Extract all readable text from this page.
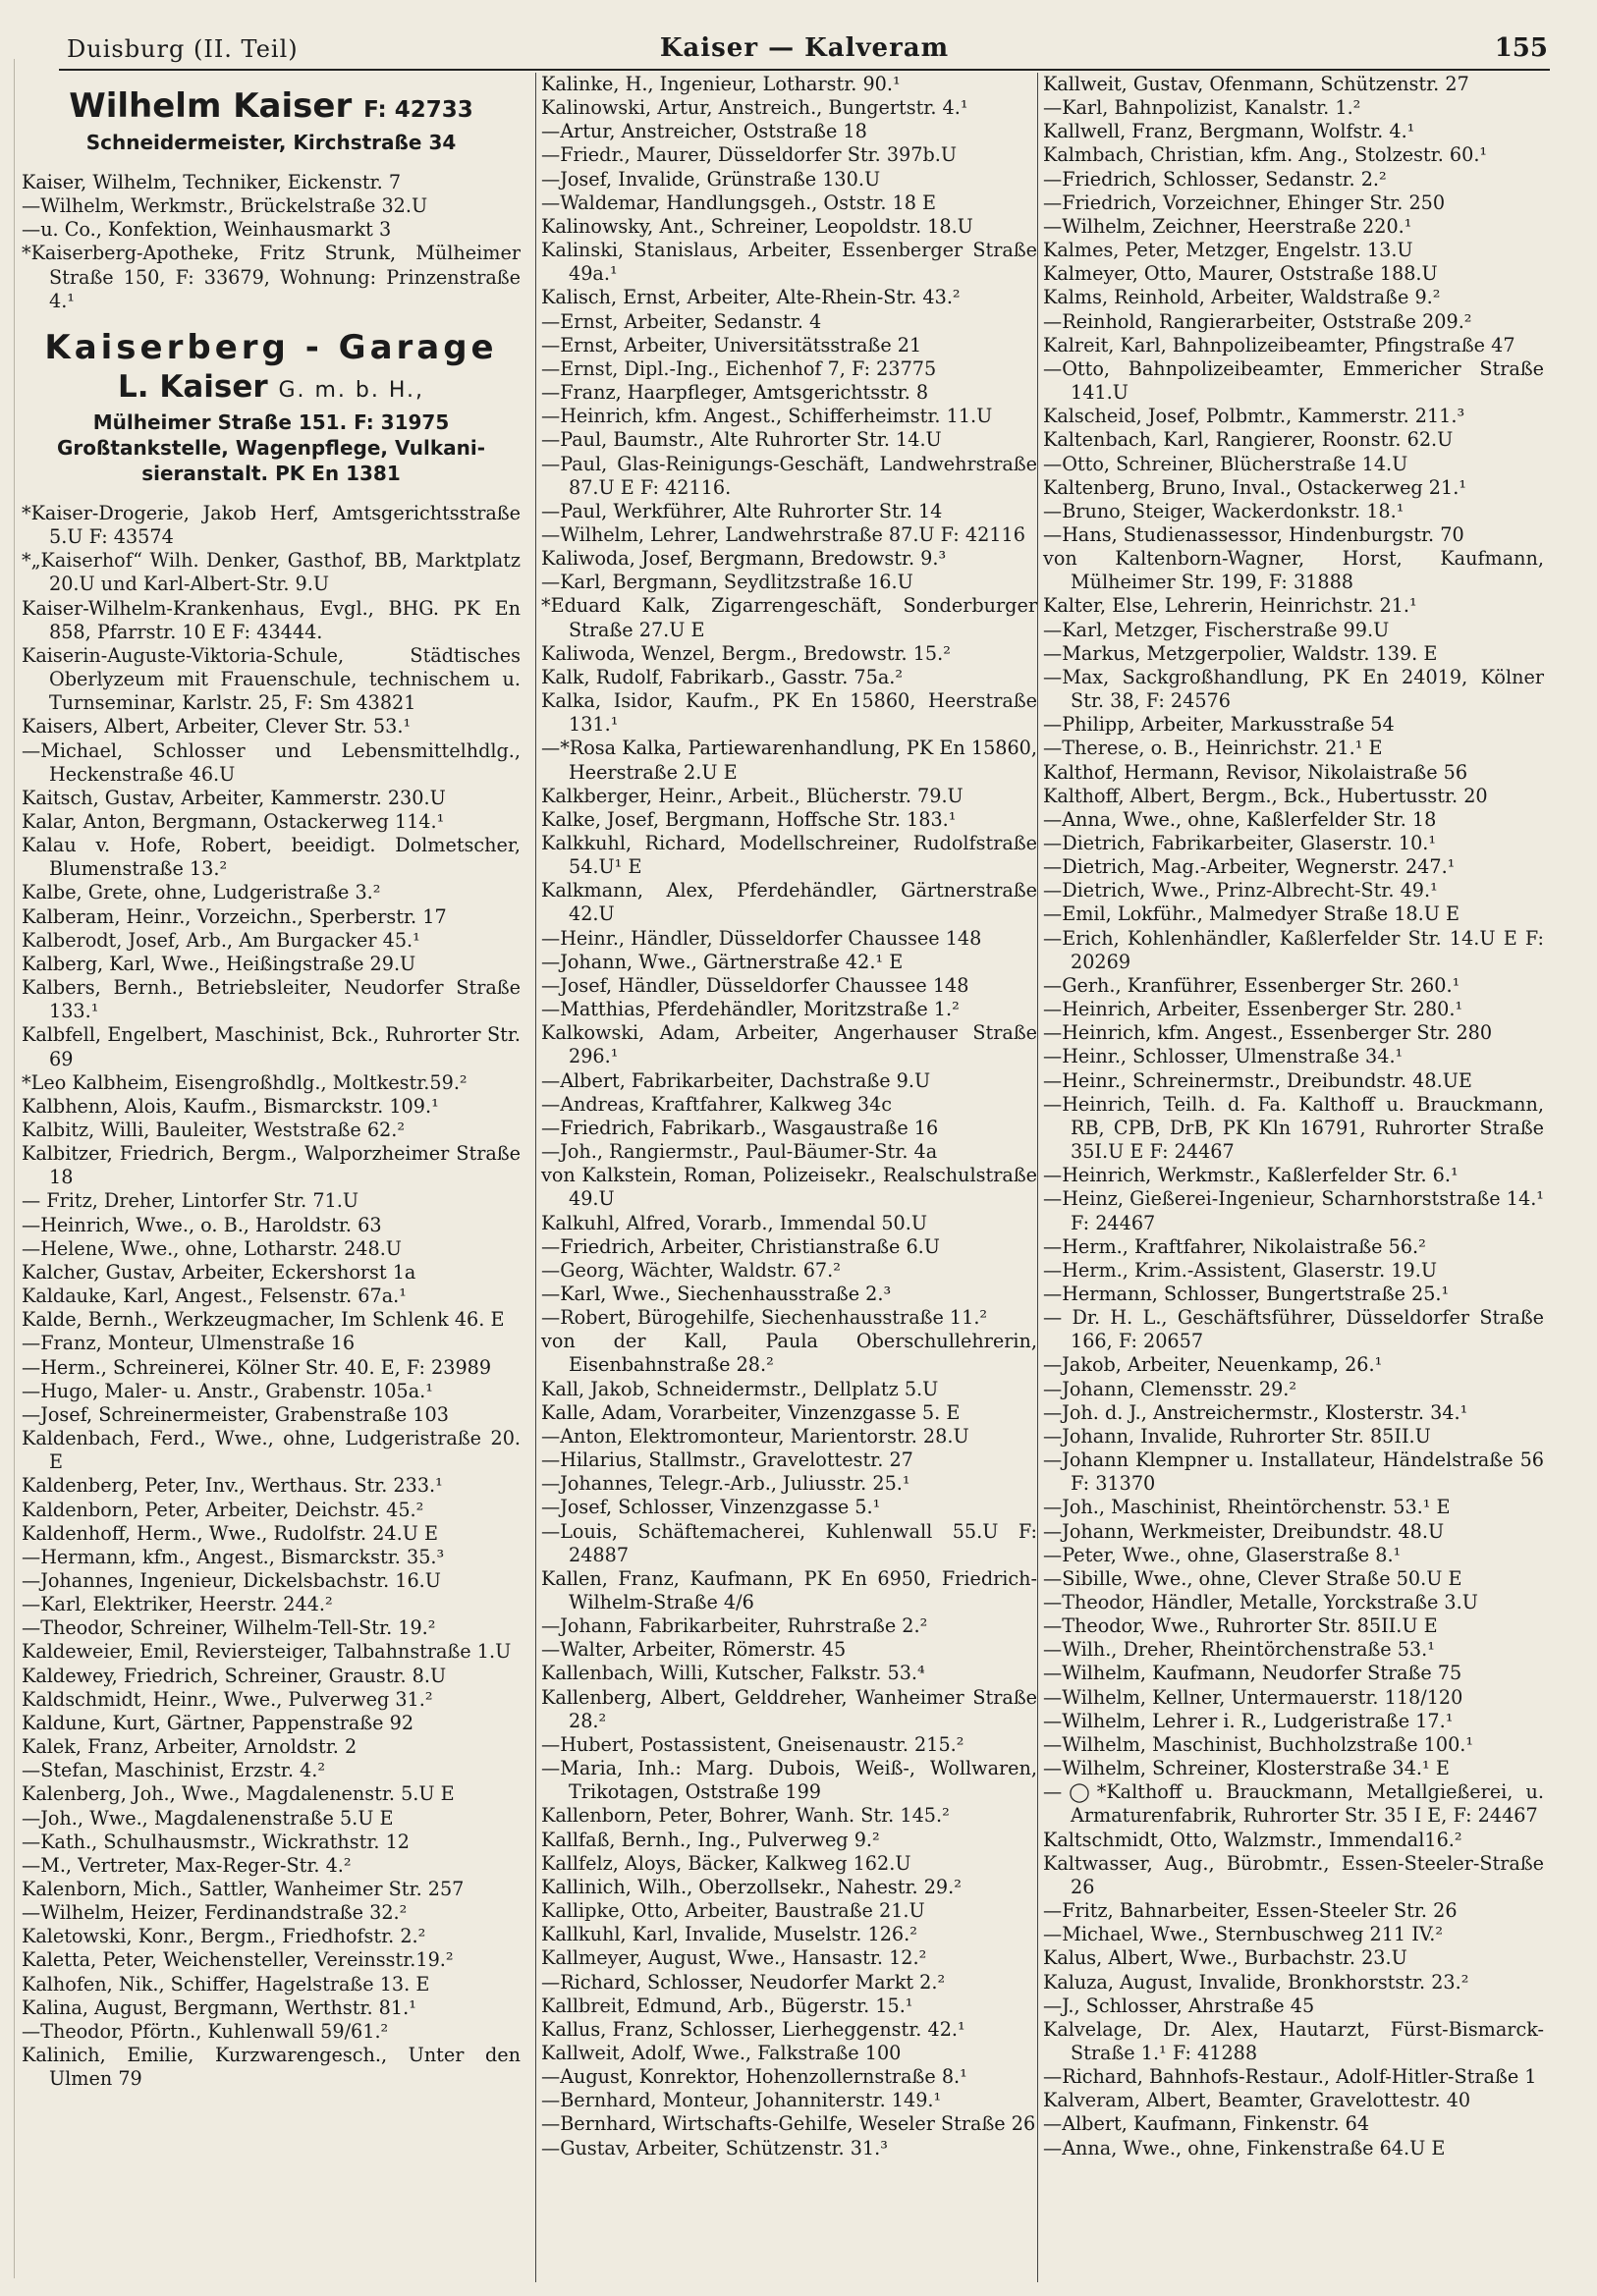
Duisburg (II. Teil)	Kaiser — Kalveram	155
Wilhelm Kaiser F: 42733
Schneidermeister, Kirchstraße 34
Kaiser, Wilhelm, Techniker, Eickenstr. 7
—Wilhelm, Werkmstr., Brückelstraße 32.U
—u. Co., Konfektion, Weinhausmarkt 3
*Kaiserberg-Apotheke, Fritz Strunk, Mülheimer Straße 150, F: 33679, Wohnung: Prinzenstraße 4.¹
Kaiserberg - Garage
L. Kaiser G. m. b. H.,
Mülheimer Straße 151. F: 31975
Großtankstelle, Wagenpflege, Vulkani-
sieranstalt. PK En 1381
*Kaiser-Drogerie, Jakob Herf, Amtsgerichtsstraße 5.U F: 43574
*„Kaiserhof“ Wilh. Denker, Gasthof, BB, Marktplatz 20.U und Karl-Albert-Str. 9.U
Kaiser-Wilhelm-Krankenhaus, Evgl., BHG. PK En 858, Pfarrstr. 10 E F: 43444.
Kaiserin-Auguste-Viktoria-Schule, Städtisches Oberlyzeum mit Frauenschule, technischem u. Turnseminar, Karlstr. 25, F: Sm 43821
Kaisers, Albert, Arbeiter, Clever Str. 53.¹
—Michael, Schlosser und Lebensmittelhdlg., Heckenstraße 46.U
Kaitsch, Gustav, Arbeiter, Kammerstr. 230.U
Kalar, Anton, Bergmann, Ostackerweg 114.¹
Kalau v. Hofe, Robert, beeidigt. Dolmetscher, Blumenstraße 13.²
Kalbe, Grete, ohne, Ludgeristraße 3.²
Kalberam, Heinr., Vorzeichn., Sperberstr. 17
Kalberodt, Josef, Arb., Am Burgacker 45.¹
Kalberg, Karl, Wwe., Heißingstraße 29.U
Kalbers, Bernh., Betriebsleiter, Neudorfer Straße 133.¹
Kalbfell, Engelbert, Maschinist, Bck., Ruhrorter Str. 69
*Leo Kalbheim, Eisengroßhdlg., Moltkestr.59.²
Kalbhenn, Alois, Kaufm., Bismarckstr. 109.¹
Kalbitz, Willi, Bauleiter, Weststraße 62.²
Kalbitzer, Friedrich, Bergm., Walporzheimer Straße 18
— Fritz, Dreher, Lintorfer Str. 71.U
—Heinrich, Wwe., o. B., Haroldstr. 63
—Helene, Wwe., ohne, Lotharstr. 248.U
Kalcher, Gustav, Arbeiter, Eckershorst 1a
Kaldauke, Karl, Angest., Felsenstr. 67a.¹
Kalde, Bernh., Werkzeugmacher, Im Schlenk 46. E
—Franz, Monteur, Ulmenstraße 16
—Herm., Schreinerei, Kölner Str. 40. E, F: 23989
—Hugo, Maler- u. Anstr., Grabenstr. 105a.¹
—Josef, Schreinermeister, Grabenstraße 103
Kaldenbach, Ferd., Wwe., ohne, Ludgeristraße 20. E
Kaldenberg, Peter, Inv., Werthaus. Str. 233.¹
Kaldenborn, Peter, Arbeiter, Deichstr. 45.²
Kaldenhoff, Herm., Wwe., Rudolfstr. 24.U E
—Hermann, kfm., Angest., Bismarckstr. 35.³
—Johannes, Ingenieur, Dickelsbachstr. 16.U
—Karl, Elektriker, Heerstr. 244.²
—Theodor, Schreiner, Wilhelm-Tell-Str. 19.²
Kaldeweier, Emil, Reviersteiger, Talbahnstraße 1.U
Kaldewey, Friedrich, Schreiner, Graustr. 8.U
Kaldschmidt, Heinr., Wwe., Pulverweg 31.²
Kaldune, Kurt, Gärtner, Pappenstraße 92
Kalek, Franz, Arbeiter, Arnoldstr. 2
—Stefan, Maschinist, Erzstr. 4.²
Kalenberg, Joh., Wwe., Magdalenenstr. 5.U E
—Joh., Wwe., Magdalenenstraße 5.U E
—Kath., Schulhausmstr., Wickrathstr. 12
—M., Vertreter, Max-Reger-Str. 4.²
Kalenborn, Mich., Sattler, Wanheimer Str. 257
—Wilhelm, Heizer, Ferdinandstraße 32.²
Kaletowski, Konr., Bergm., Friedhofstr. 2.²
Kaletta, Peter, Weichensteller, Vereinsstr.19.²
Kalhofen, Nik., Schiffer, Hagelstraße 13. E
Kalina, August, Bergmann, Werthstr. 81.¹
—Theodor, Pförtn., Kuhlenwall 59/61.²
Kalinich, Emilie, Kurzwarengesch., Unter den Ulmen 79
Kalinke, H., Ingenieur, Lotharstr. 90.¹
Kalinowski, Artur, Anstreich., Bungertstr. 4.¹
—Artur, Anstreicher, Oststraße 18
—Friedr., Maurer, Düsseldorfer Str. 397b.U
—Josef, Invalide, Grünstraße 130.U
—Waldemar, Handlungsgeh., Oststr. 18 E
Kalinowsky, Ant., Schreiner, Leopoldstr. 18.U
Kalinski, Stanislaus, Arbeiter, Essenberger Straße 49a.¹
Kalisch, Ernst, Arbeiter, Alte-Rhein-Str. 43.²
—Ernst, Arbeiter, Sedanstr. 4
—Ernst, Arbeiter, Universitätsstraße 21
—Ernst, Dipl.-Ing., Eichenhof 7, F: 23775
—Franz, Haarpfleger, Amtsgerichtsstr. 8
—Heinrich, kfm. Angest., Schifferheimstr. 11.U
—Paul, Baumstr., Alte Ruhrorter Str. 14.U
—Paul, Glas-Reinigungs-Geschäft, Landwehrstraße 87.U E F: 42116.
—Paul, Werkführer, Alte Ruhrorter Str. 14
—Wilhelm, Lehrer, Landwehrstraße 87.U F: 42116
Kaliwoda, Josef, Bergmann, Bredowstr. 9.³
—Karl, Bergmann, Seydlitzstraße 16.U
*Eduard Kalk, Zigarrengeschäft, Sonderburger Straße 27.U E
Kaliwoda, Wenzel, Bergm., Bredowstr. 15.²
Kalk, Rudolf, Fabrikarb., Gasstr. 75a.²
Kalka, Isidor, Kaufm., PK En 15860, Heerstraße 131.¹
—*Rosa Kalka, Partiewarenhandlung, PK En 15860, Heerstraße 2.U E
Kalkberger, Heinr., Arbeit., Blücherstr. 79.U
Kalke, Josef, Bergmann, Hoffsche Str. 183.¹
Kalkkuhl, Richard, Modellschreiner, Rudolfstraße 54.U¹ E
Kalkmann, Alex, Pferdehändler, Gärtnerstraße 42.U
—Heinr., Händler, Düsseldorfer Chaussee 148
—Johann, Wwe., Gärtnerstraße 42.¹ E
—Josef, Händler, Düsseldorfer Chaussee 148
—Matthias, Pferdehändler, Moritzstraße 1.²
Kalkowski, Adam, Arbeiter, Angerhauser Straße 296.¹
—Albert, Fabrikarbeiter, Dachstraße 9.U
—Andreas, Kraftfahrer, Kalkweg 34c
—Friedrich, Fabrikarb., Wasgaustraße 16
—Joh., Rangiermstr., Paul-Bäumer-Str. 4a
von Kalkstein, Roman, Polizeisekr., Realschulstraße 49.U
Kalkuhl, Alfred, Vorarb., Immendal 50.U
—Friedrich, Arbeiter, Christianstraße 6.U
—Georg, Wächter, Waldstr. 67.²
—Karl, Wwe., Siechenhausstraße 2.³
—Robert, Bürogehilfe, Siechenhausstraße 11.²
von der Kall, Paula Oberschullehrerin, Eisenbahnstraße 28.²
Kall, Jakob, Schneidermstr., Dellplatz 5.U
Kalle, Adam, Vorarbeiter, Vinzenzgasse 5. E
—Anton, Elektromonteur, Marientorstr. 28.U
—Hilarius, Stallmstr., Gravelottestr. 27
—Johannes, Telegr.-Arb., Juliusstr. 25.¹
—Josef, Schlosser, Vinzenzgasse 5.¹
—Louis, Schäftemacherei, Kuhlenwall 55.U F: 24887
Kallen, Franz, Kaufmann, PK En 6950, Friedrich-Wilhelm-Straße 4/6
—Johann, Fabrikarbeiter, Ruhrstraße 2.²
—Walter, Arbeiter, Römerstr. 45
Kallenbach, Willi, Kutscher, Falkstr. 53.⁴
Kallenberg, Albert, Gelddreher, Wanheimer Straße 28.²
—Hubert, Postassistent, Gneisenaustr. 215.²
—Maria, Inh.: Marg. Dubois, Weiß-, Wollwaren, Trikotagen, Oststraße 199
Kallenborn, Peter, Bohrer, Wanh. Str. 145.²
Kallfaß, Bernh., Ing., Pulverweg 9.²
Kallfelz, Aloys, Bäcker, Kalkweg 162.U
Kallinich, Wilh., Oberzollsekr., Nahestr. 29.²
Kallipke, Otto, Arbeiter, Baustraße 21.U
Kallkuhl, Karl, Invalide, Muselstr. 126.²
Kallmeyer, August, Wwe., Hansastr. 12.²
—Richard, Schlosser, Neudorfer Markt 2.²
Kallbreit, Edmund, Arb., Bügerstr. 15.¹
Kallus, Franz, Schlosser, Lierheggenstr. 42.¹
Kallweit, Adolf, Wwe., Falkstraße 100
—August, Konrektor, Hohenzollernstraße 8.¹
—Bernhard, Monteur, Johanniterstr. 149.¹
—Bernhard, Wirtschafts-Gehilfe, Weseler Straße 26
—Gustav, Arbeiter, Schützenstr. 31.³
Kallweit, Gustav, Ofenmann, Schützenstr. 27
—Karl, Bahnpolizist, Kanalstr. 1.²
Kallwell, Franz, Bergmann, Wolfstr. 4.¹
Kalmbach, Christian, kfm. Ang., Stolzestr. 60.¹
—Friedrich, Schlosser, Sedanstr. 2.²
—Friedrich, Vorzeichner, Ehinger Str. 250
—Wilhelm, Zeichner, Heerstraße 220.¹
Kalmes, Peter, Metzger, Engelstr. 13.U
Kalmeyer, Otto, Maurer, Oststraße 188.U
Kalms, Reinhold, Arbeiter, Waldstraße 9.²
—Reinhold, Rangierarbeiter, Oststraße 209.²
Kalreit, Karl, Bahnpolizeibeamter, Pfingstraße 47
—Otto, Bahnpolizeibeamter, Emmericher Straße 141.U
Kalscheid, Josef, Polbmtr., Kammerstr. 211.³
Kaltenbach, Karl, Rangierer, Roonstr. 62.U
—Otto, Schreiner, Blücherstraße 14.U
Kaltenberg, Bruno, Inval., Ostackerweg 21.¹
—Bruno, Steiger, Wackerdonkstr. 18.¹
—Hans, Studienassessor, Hindenburgstr. 70
von Kaltenborn-Wagner, Horst, Kaufmann, Mülheimer Str. 199, F: 31888
Kalter, Else, Lehrerin, Heinrichstr. 21.¹
—Karl, Metzger, Fischerstraße 99.U
—Markus, Metzgerpolier, Waldstr. 139. E
—Max, Sackgroßhandlung, PK En 24019, Kölner Str. 38, F: 24576
—Philipp, Arbeiter, Markusstraße 54
—Therese, o. B., Heinrichstr. 21.¹ E
Kalthof, Hermann, Revisor, Nikolaistraße 56
Kalthoff, Albert, Bergm., Bck., Hubertusstr. 20
—Anna, Wwe., ohne, Kaßlerfelder Str. 18
—Dietrich, Fabrikarbeiter, Glaserstr. 10.¹
—Dietrich, Mag.-Arbeiter, Wegnerstr. 247.¹
—Dietrich, Wwe., Prinz-Albrecht-Str. 49.¹
—Emil, Lokführ., Malmedyer Straße 18.U E
—Erich, Kohlenhändler, Kaßlerfelder Str. 14.U E F: 20269
—Gerh., Kranführer, Essenberger Str. 260.¹
—Heinrich, Arbeiter, Essenberger Str. 280.¹
—Heinrich, kfm. Angest., Essenberger Str. 280
—Heinr., Schlosser, Ulmenstraße 34.¹
—Heinr., Schreinermstr., Dreibundstr. 48.UE
—Heinrich, Teilh. d. Fa. Kalthoff u. Brauckmann, RB, CPB, DrB, PK Kln 16791, Ruhrorter Straße 35I.U E F: 24467
—Heinrich, Werkmstr., Kaßlerfelder Str. 6.¹
—Heinz, Gießerei-Ingenieur, Scharnhorststraße 14.¹ F: 24467
—Herm., Kraftfahrer, Nikolaistraße 56.²
—Herm., Krim.-Assistent, Glaserstr. 19.U
—Hermann, Schlosser, Bungertstraße 25.¹
— Dr. H. L., Geschäftsführer, Düsseldorfer Straße 166, F: 20657
—Jakob, Arbeiter, Neuenkamp, 26.¹
—Johann, Clemensstr. 29.²
—Joh. d. J., Anstreichermstr., Klosterstr. 34.¹
—Johann, Invalide, Ruhrorter Str. 85II.U
—Johann Klempner u. Installateur, Händelstraße 56 F: 31370
—Joh., Maschinist, Rheintörchenstr. 53.¹ E
—Johann, Werkmeister, Dreibundstr. 48.U
—Peter, Wwe., ohne, Glaserstraße 8.¹
—Sibille, Wwe., ohne, Clever Straße 50.U E
—Theodor, Händler, Metalle, Yorckstraße 3.U
—Theodor, Wwe., Ruhrorter Str. 85II.U E
—Wilh., Dreher, Rheintörchenstraße 53.¹
—Wilhelm, Kaufmann, Neudorfer Straße 75
—Wilhelm, Kellner, Untermauerstr. 118/120
—Wilhelm, Lehrer i. R., Ludgeristraße 17.¹
—Wilhelm, Maschinist, Buchholzstraße 100.¹
—Wilhelm, Schreiner, Klosterstraße 34.¹ E
—◯*Kalthoff u. Brauckmann, Metallgießerei, u. Armaturenfabrik, Ruhrorter Str. 35 I E, F: 24467
Kaltschmidt, Otto, Walzmstr., Immendal16.²
Kaltwasser, Aug., Bürobmtr., Essen-Steeler-Straße 26
—Fritz, Bahnarbeiter, Essen-Steeler Str. 26
—Michael, Wwe., Sternbuschweg 211 IV.²
Kalus, Albert, Wwe., Burbachstr. 23.U
Kaluza, August, Invalide, Bronkhorststr. 23.²
—J., Schlosser, Ahrstraße 45
Kalvelage, Dr. Alex, Hautarzt, Fürst-Bismarck-Straße 1.¹ F: 41288
—Richard, Bahnhofs-Restaur., Adolf-Hitler-Straße 1
Kalveram, Albert, Beamter, Gravelottestr. 40
—Albert, Kaufmann, Finkenstr. 64
—Anna, Wwe., ohne, Finkenstraße 64.U E
